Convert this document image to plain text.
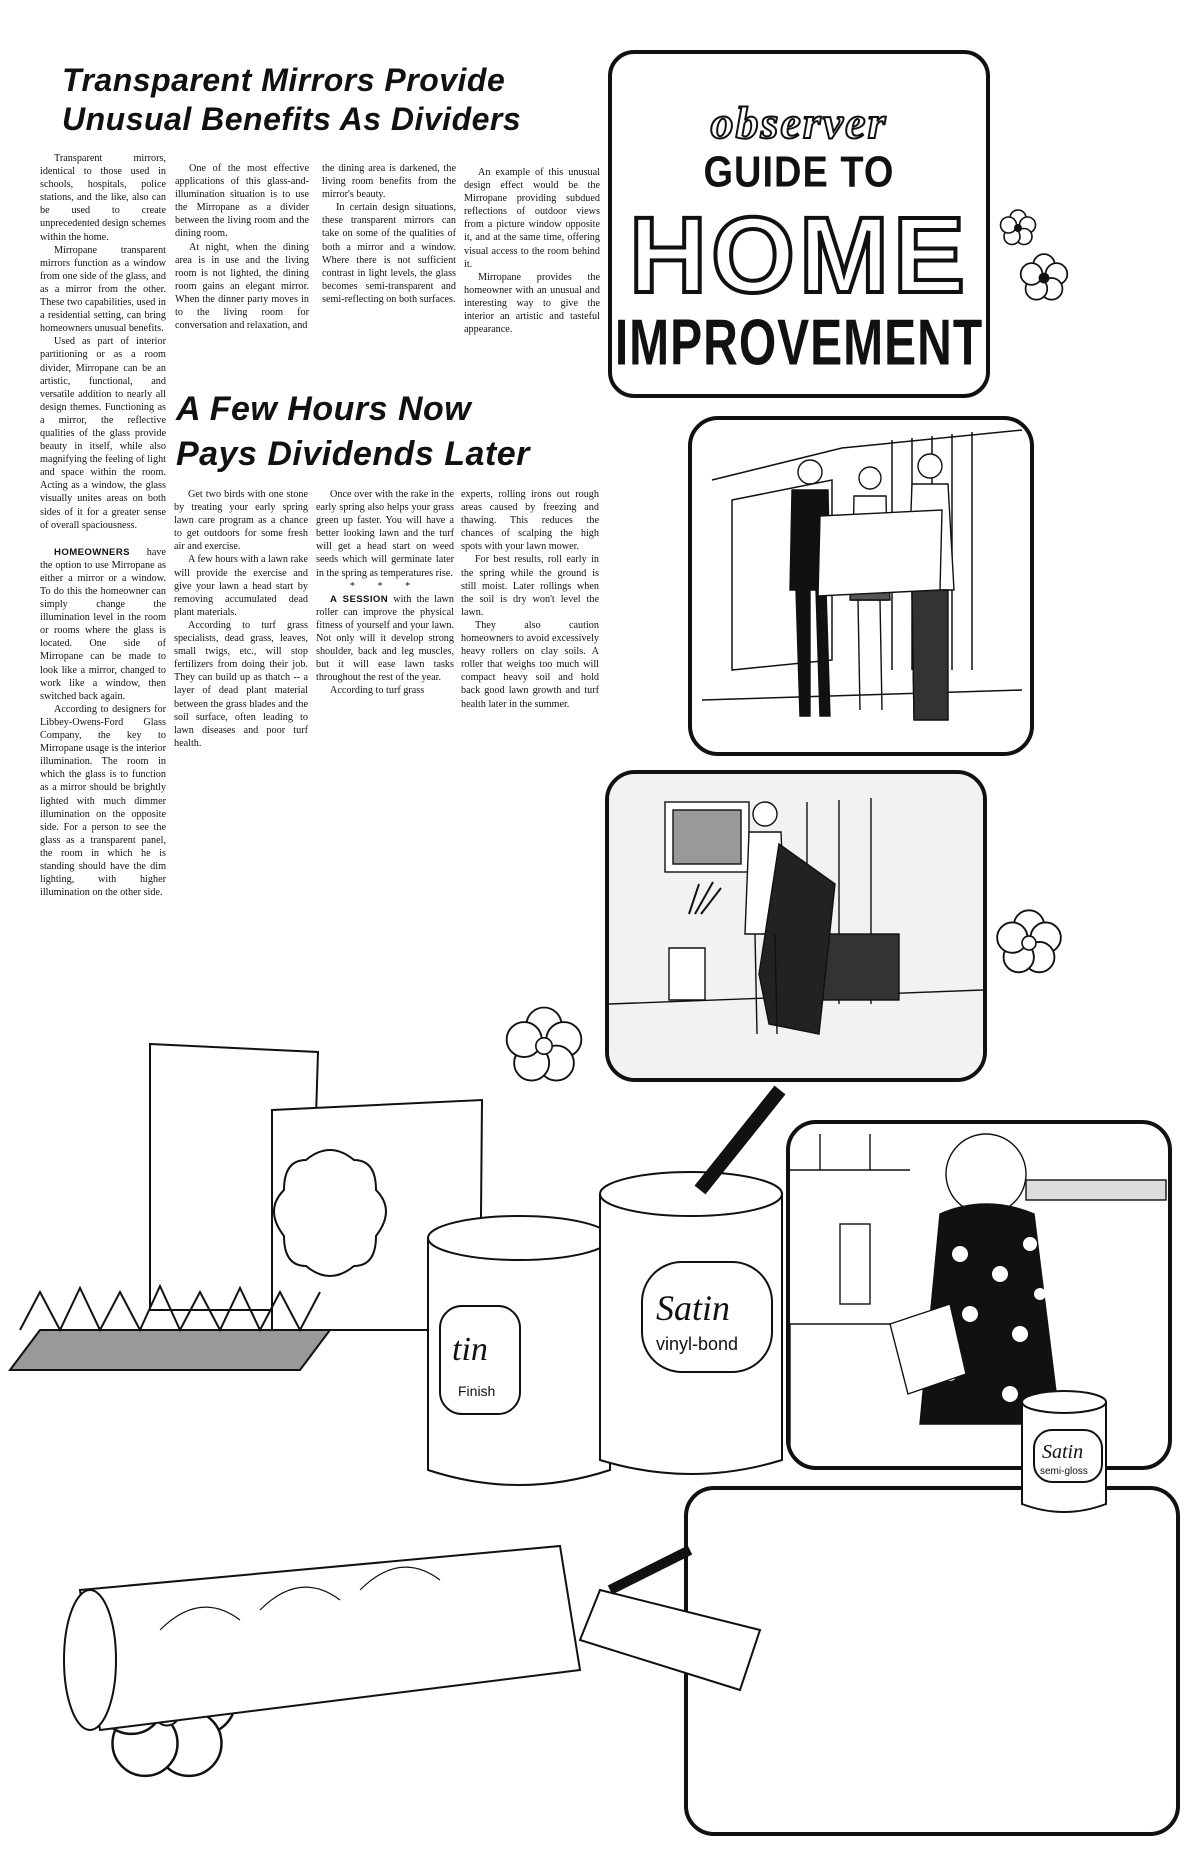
Transparent Mirrors Provide
Unusual Benefits As Dividers

Transparent mirrors, identical to those used in schools, hospitals, police stations, and the like, also can be used to create unprecedented design schemes within the home.

Mirropane transparent mirrors function as a window from one side of the glass, and as a mirror from the other. These two capabilities, used in a residential setting, can bring homeowners unusual benefits.

Used as part of interior partitioning or as a room divider, Mirropane can be an artistic, functional, and versatile addition to nearly all design themes. Functioning as a mirror, the reflective qualities of the glass provide beauty in itself, while also magnifying the feeling of light and space within the room. Acting as a window, the glass visually unites areas on both sides of it for a greater sense of overall spaciousness.

HOMEOWNERS have the option to use Mirropane as either a mirror or a window. To do this the homeowner can simply change the illumination level in the room or rooms where the glass is located. One side of Mirropane can be made to look like a mirror, changed to work like a window, then switched back again.

According to designers for Libbey-Owens-Ford Glass Company, the key to Mirropane usage is the interior illumination. The room in which the glass is to function as a mirror should be brightly lighted with much dimmer illumination on the opposite side. For a person to see the glass as a transparent panel, the room in which he is standing should have the dim lighting, with higher illumination on the other side.

One of the most effective applications of this glass-and-illumination situation is to use the Mirropane as a divider between the living room and the dining room.

At night, when the dining area is in use and the living room is not lighted, the dining room gains an elegant mirror. When the dinner party moves in to the living room for conversation and relaxation, and

the dining area is darkened, the living room benefits from the mirror's beauty.

In certain design situations, these transparent mirrors can take on some of the qualities of both a mirror and a window. Where there is not sufficient contrast in light levels, the glass becomes semi-transparent and semi-reflecting on both surfaces.

An example of this unusual design effect would be the Mirropane providing subdued reflections of outdoor views from a picture window opposite it, and at the same time, offering visual access to the room behind it.

Mirropane provides the homeowner with an unusual and interesting way to give the interior an artistic and tasteful appearance.

A Few Hours Now
Pays Dividends Later

Get two birds with one stone by treating your early spring lawn care program as a chance to get outdoors for some fresh air and exercise.

A few hours with a lawn rake will provide the exercise and give your lawn a head start by removing accumulated dead plant materials.

According to turf grass specialists, dead grass, leaves, small twigs, etc., will stop fertilizers from doing their job. They can build up as thatch -- a layer of dead plant material between the grass blades and the soil surface, often leading to lawn diseases and poor turf health.

Once over with the rake in the early spring also helps your grass green up faster. You will have a better looking lawn and the turf will get a head start on weed seeds which will germinate later in the spring as temperatures rise.

* * *

A SESSION with the lawn roller can improve the physical fitness of yourself and your lawn. Not only will it develop strong shoulder, back and leg muscles, but it will ease lawn tasks throughout the rest of the year.

According to turf grass

experts, rolling irons out rough areas caused by freezing and thawing. This reduces the chances of scalping the high spots with your lawn mower.

For best results, roll early in the spring while the ground is still moist. Later rollings when the soil is dry won't level the lawn.

They also caution homeowners to avoid excessively heavy rollers on clay soils. A roller that weighs too much will compact heavy soil and hold back good lawn growth and turf health later in the summer.

observer
GUIDE TO
HOME
IMPROVEMENT
tin
Finish
Satin
vinyl-bond
Satin
semi-gloss
